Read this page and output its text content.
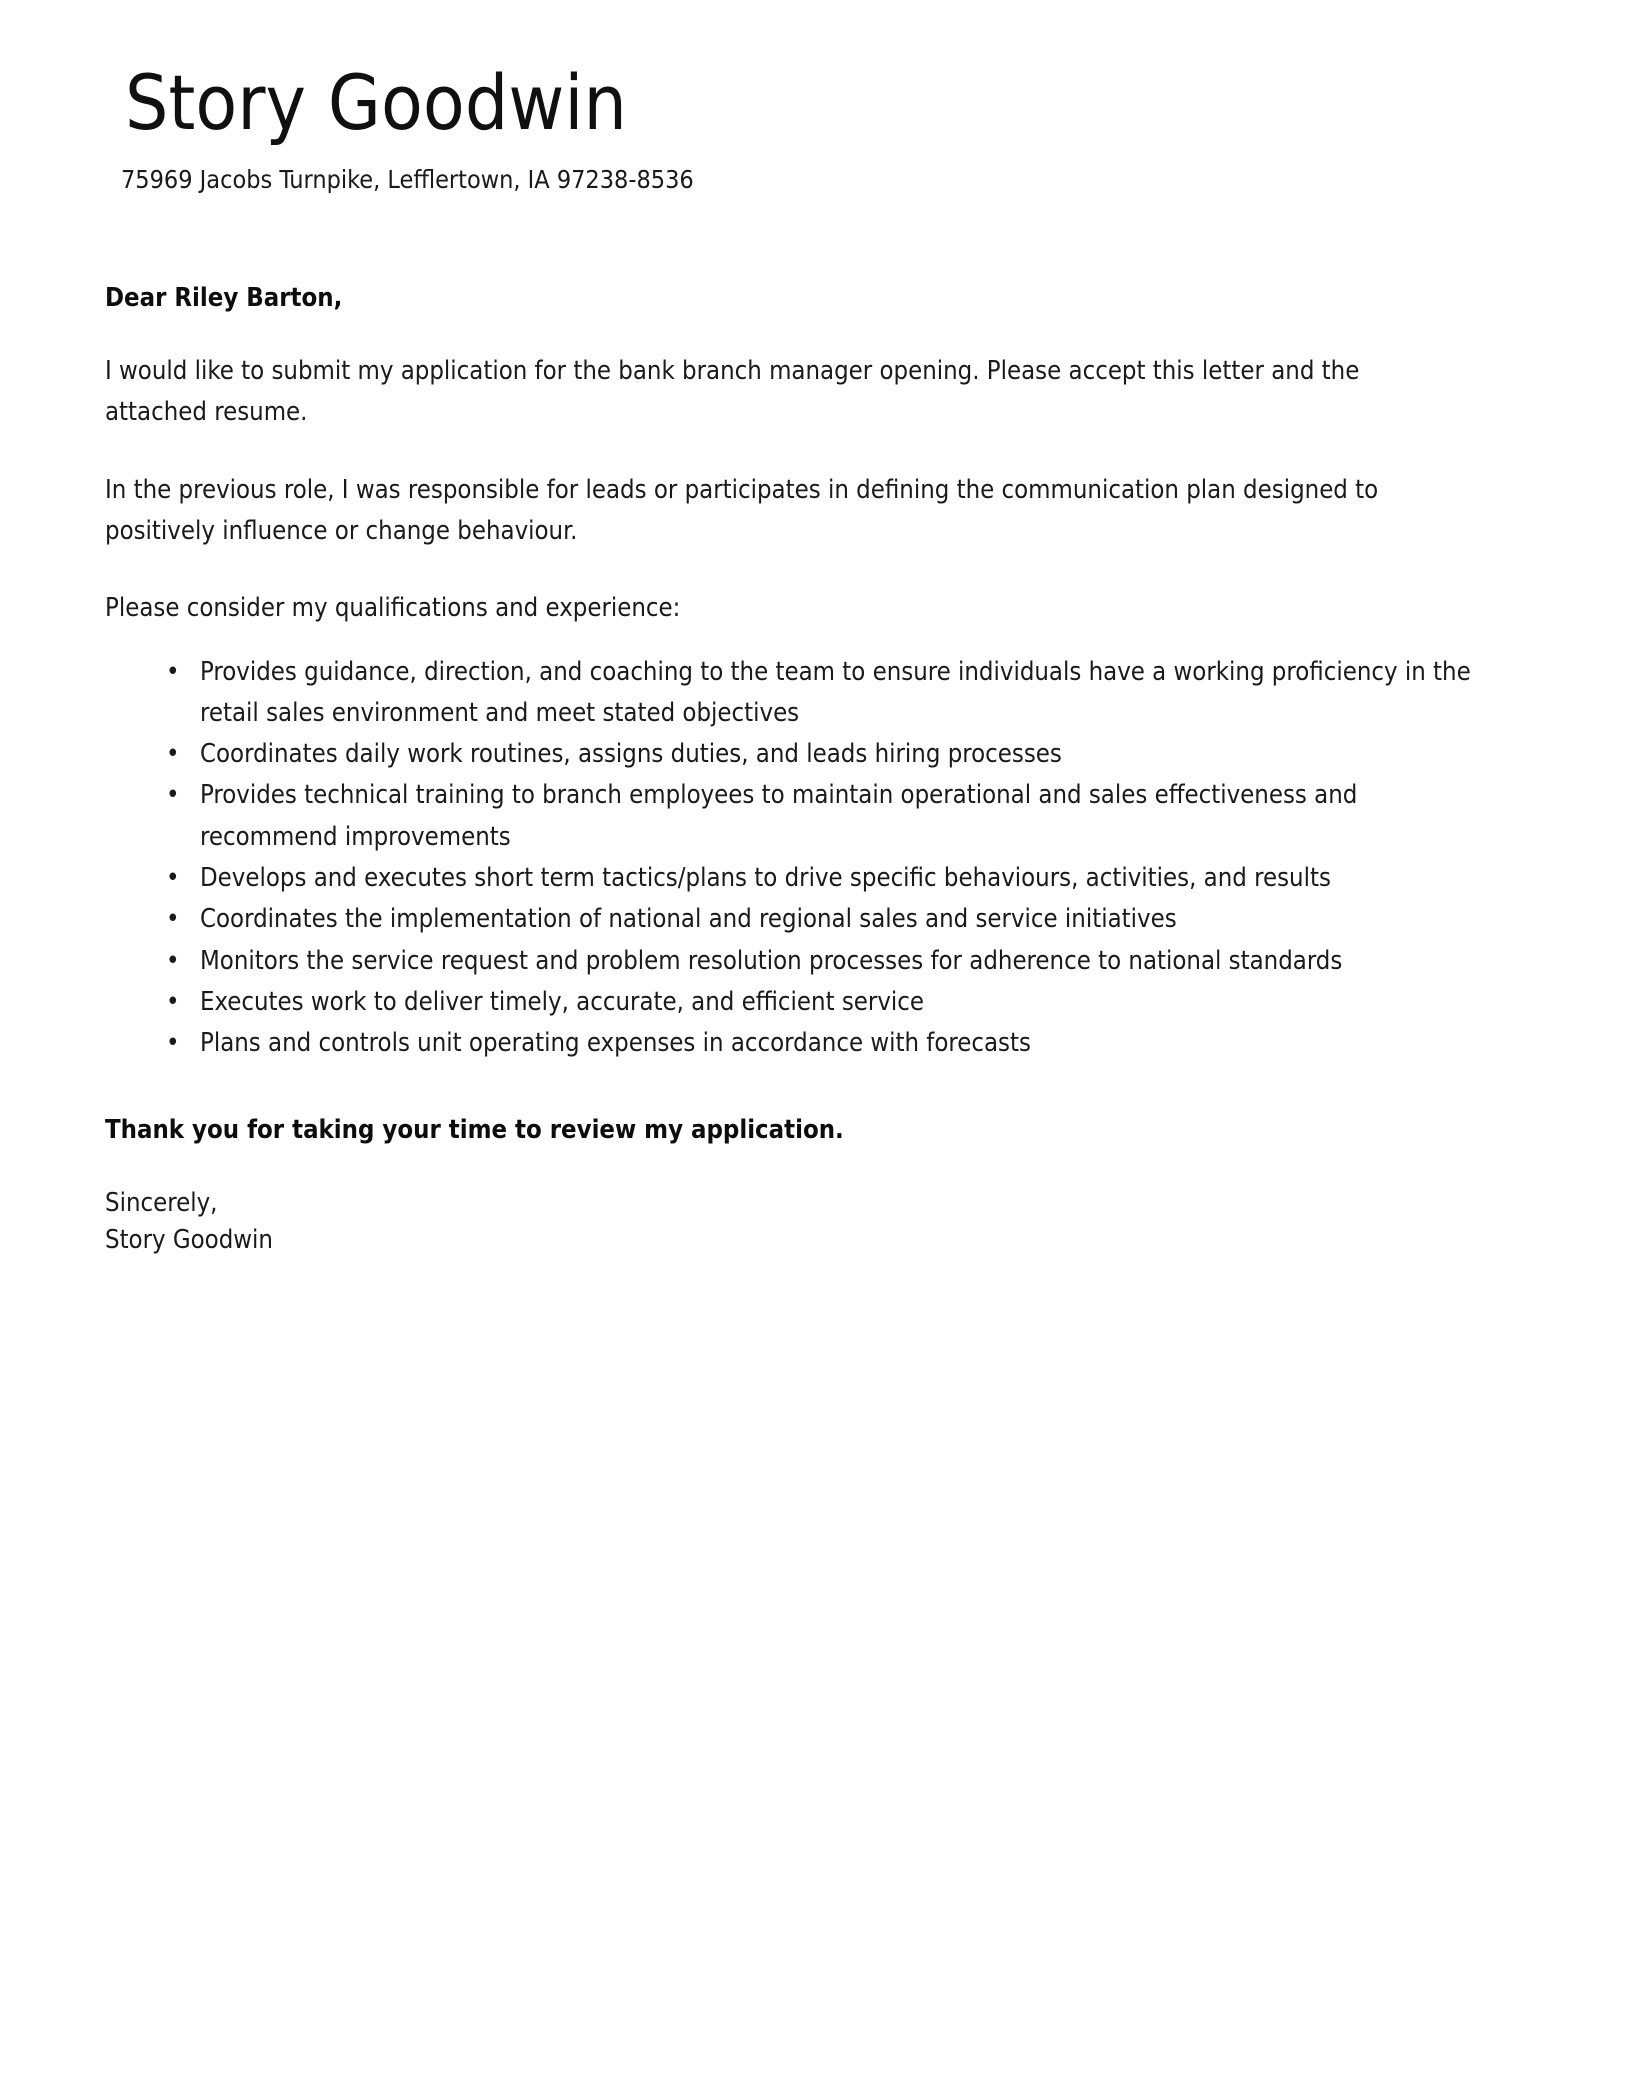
Story Goodwin
75969 Jacobs Turnpike, Lefflertown, IA 97238-8536
Dear Riley Barton,

I would like to submit my application for the bank branch manager opening. Please accept this letter and the attached resume.

In the previous role, I was responsible for leads or participates in defining the communication plan designed to positively influence or change behaviour.

Please consider my qualifications and experience:

• Provides guidance, direction, and coaching to the team to ensure individuals have a working proficiency in the retail sales environment and meet stated objectives
• Coordinates daily work routines, assigns duties, and leads hiring processes
• Provides technical training to branch employees to maintain operational and sales effectiveness and recommend improvements
• Develops and executes short term tactics/plans to drive specific behaviours, activities, and results
• Coordinates the implementation of national and regional sales and service initiatives
• Monitors the service request and problem resolution processes for adherence to national standards
• Executes work to deliver timely, accurate, and efficient service
• Plans and controls unit operating expenses in accordance with forecasts
Thank you for taking your time to review my application.
Sincerely,
Story Goodwin
